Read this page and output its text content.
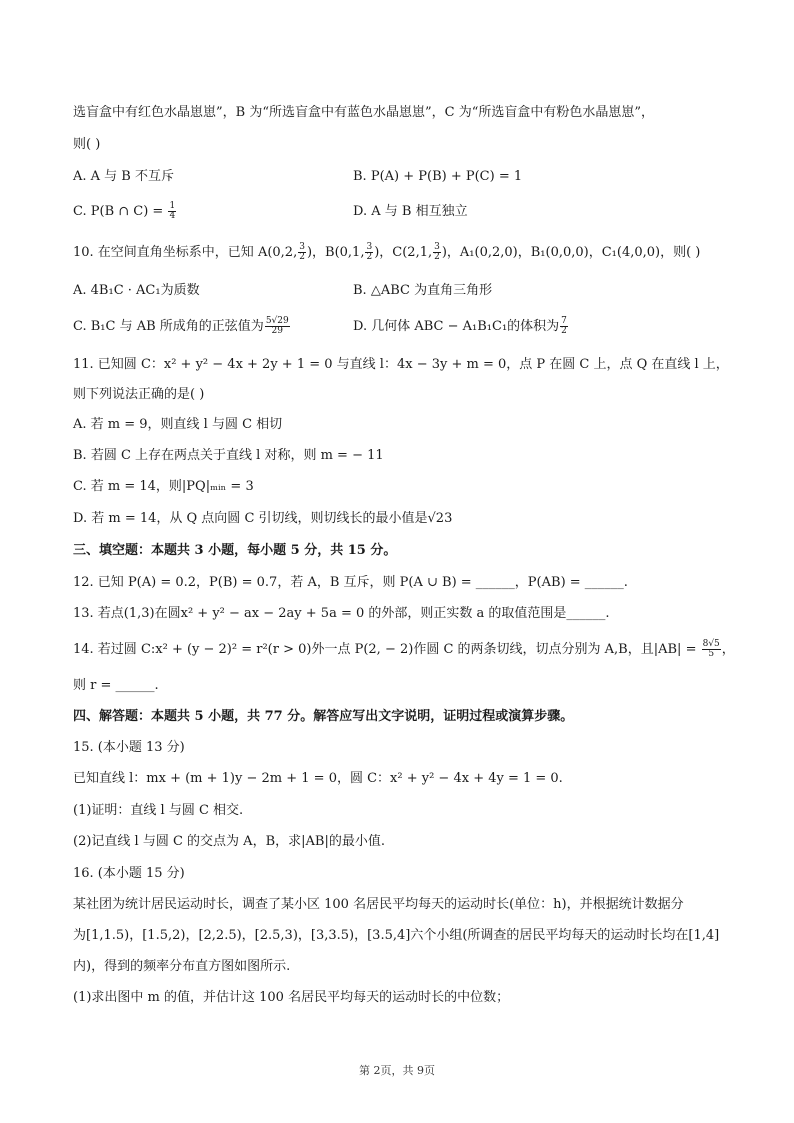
选盲盒中有红色水晶崽崽”，B 为“所选盲盒中有蓝色水晶崽崽”，C 为“所选盲盒中有粉色水晶崽崽”，
则( )
A. A 与 B 不互斥	B. P(A) + P(B) + P(C) = 1
C. P(B ∩ $C) = \frac{1}{4}$	D. A 与 B 相互独立
10. 在空间直角坐标系中，已知 A(0,2, $\frac{3}{2}$ )，B(0,1, $\frac{3}{2}$ )，C(2,1, $\frac{3}{2}$ )，A₁(0,2,0)，B₁(0,0,0)，C₁(4,0,0)，则( )
A. 4B₁C · AC₁为质数	B. △ABC 为直角三角形
C. B₁C 与 AB 所成角的正弦值为 $\frac{5√29}{29}$	D. 几何体 ABC − A₁B₁C₁的体积为 $\frac{7}{2}$
11. 已知圆 C：x² + y² − 4x + 2y + 1 = 0 与直线 l：4x − 3y + m = 0，点 P 在圆 C 上，点 Q 在直线 l 上，
则下列说法正确的是( )
A. 若 m = 9，则直线 l 与圆 C 相切
B. 若圆 C 上存在两点关于直线 l 对称，则 m = − 11
C. 若 m = 14，则|PQ|ₘᵢₙ = 3
D. 若 m = 14，从 Q 点向圆 C 引切线，则切线长的最小值是√23
三、填空题：本题共 3 小题，每小题 5 分，共 15 分。
12. 已知 P(A) = 0.2，P(B) = 0.7，若 A，B 互斥，则 P(A ∪ B) = ______，P(AB) = ______.
13. 若点(1,3)在圆x² + y² − ax − 2ay + 5a = 0 的外部，则正实数 a 的取值范围是______.
14. 若过圆 C:x² + (y − 2)² = r²(r > 0)外一点 P(2, − 2)作圆 C 的两条切线，切点分别为 A,B，且$|AB| = \frac{8√5}{5}$ ，
则 r = ______.
四、解答题：本题共 5 小题，共 77 分。解答应写出文字说明，证明过程或演算步骤。
15. (本小题 13 分)
已知直线 l：mx + (m + 1)y − 2m + 1 = 0，圆 C：x² + y² − 4x + 4y = 1 = 0.
(1)证明：直线 l 与圆 C 相交.
(2)记直线 l 与圆 C 的交点为 A，B，求|AB|的最小值.
16. (本小题 15 分)
某社团为统计居民运动时长，调查了某小区 100 名居民平均每天的运动时长(单位：h)，并根据统计数据分
为[1,1.5)，[1.5,2)，[2,2.5)，[2.5,3)，[3,3.5)，[3.5,4]六个小组(所调查的居民平均每天的运动时长均在[1,4]
内)，得到的频率分布直方图如图所示.
(1)求出图中 m 的值，并估计这 100 名居民平均每天的运动时长的中位数；
第 2页，共 9页
